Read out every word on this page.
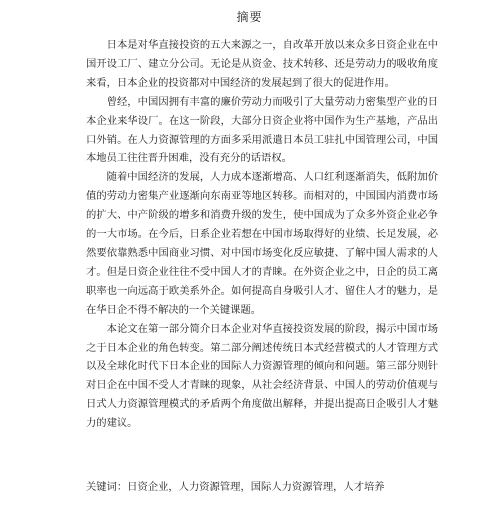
摘要

日本是对华直接投资的五大来源之一，自改革开放以来众多日资企业在中国开设工厂、建立分公司。无论是从资金、技术转移、还是劳动力的吸收角度来看，日本企业的投资都对中国经济的发展起到了很大的促进作用。

曾经，中国因拥有丰富的廉价劳动力而吸引了大量劳动力密集型产业的日本企业来华设厂。在这一阶段，大部分日资企业将中国作为生产基地，产品出口外销。在人力资源管理的方面多采用派遣日本员工驻扎中国管理公司，中国本地员工往往晋升困难，没有充分的话语权。

随着中国经济的发展，人力成本逐渐增高、人口红利逐渐消失，低附加价值的劳动力密集产业逐渐向东南亚等地区转移。而相对的，中国国内消费市场的扩大、中产阶级的增多和消费升级的发生，使中国成为了众多外资企业必争的一大市场。在今后，日系企业若想在中国市场取得好的业绩、长足发展，必然要依靠熟悉中国商业习惯、对中国市场变化反应敏捷、了解中国人需求的人才。但是日资企业往往不受中国人才的青睐。在外资企业之中，日企的员工离职率也一向远高于欧美系外企。如何提高自身吸引人才、留住人才的魅力，是在华日企不得不解决的一个关键课题。

本论文在第一部分简介日本企业对华直接投资发展的阶段，揭示中国市场之于日本企业的角色转变。第二部分阐述传统日本式经营模式的人才管理方式以及全球化时代下日本企业的国际人力资源管理的倾向和问题。第三部分则针对日企在中国不受人才青睐的现象，从社会经济背景、中国人的劳动价值观与日式人力资源管理模式的矛盾两个角度做出解释，并提出提高日企吸引人才魅力的建议。

关键词：日资企业，人力资源管理，国际人力资源管理，人才培养
